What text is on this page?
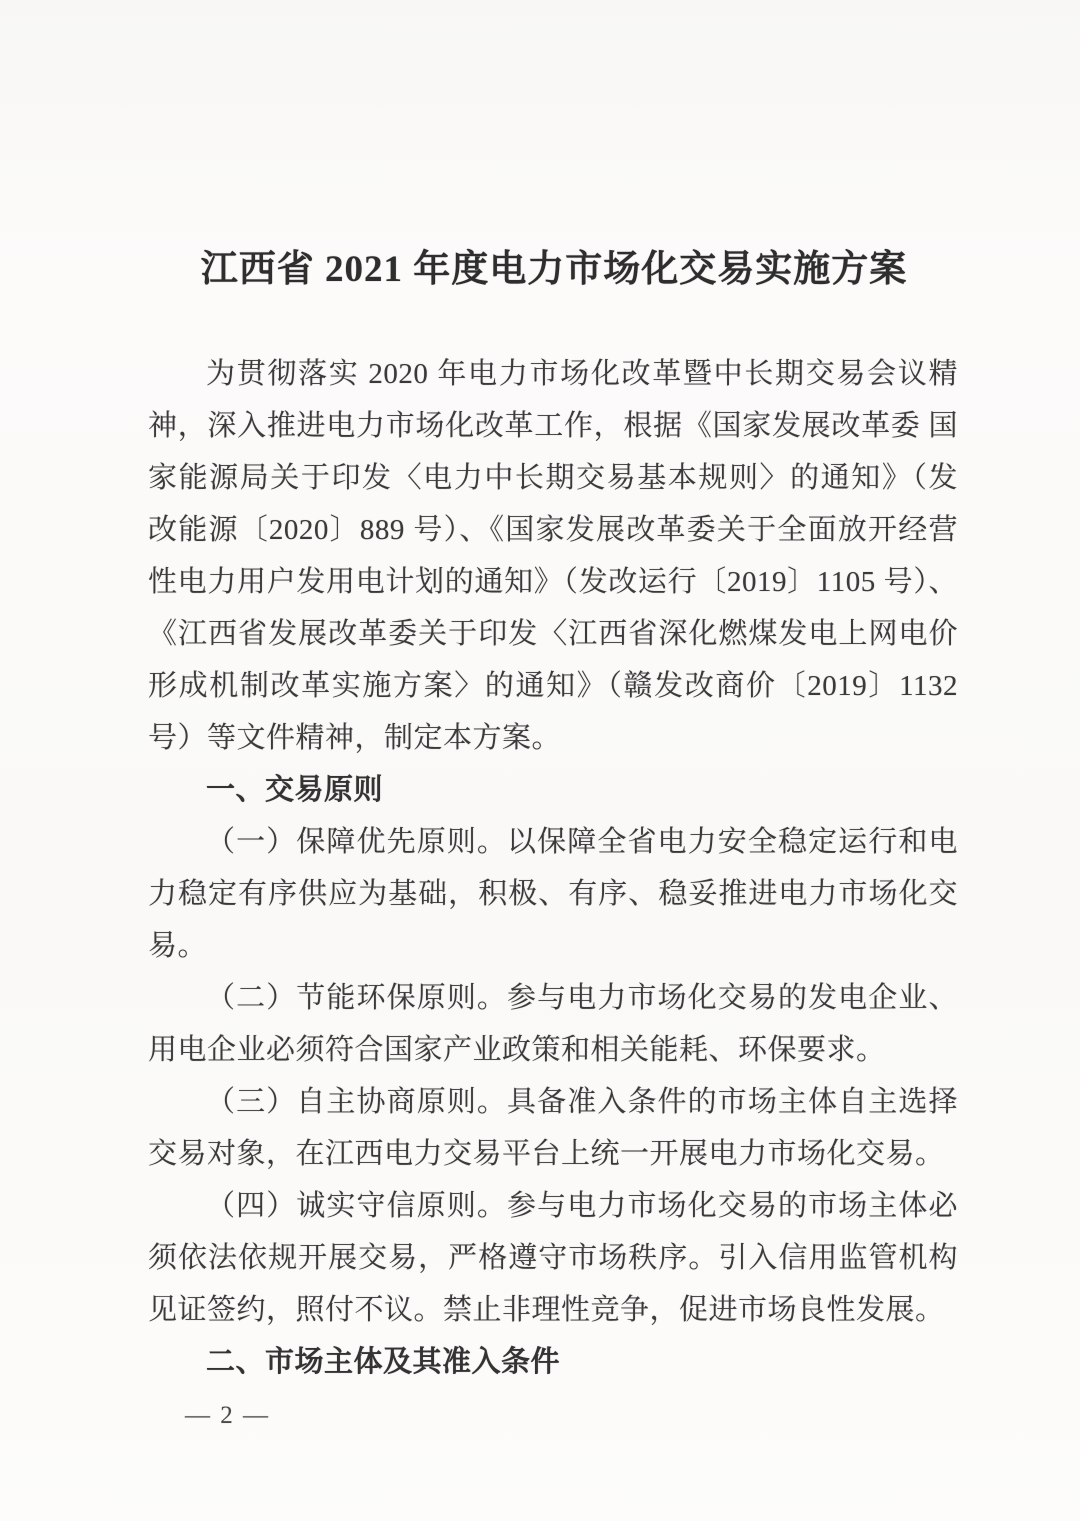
江西省 2021 年度电力市场化交易实施方案

为贯彻落实 2020 年电力市场化改革暨中长期交易会议精神，深入推进电力市场化改革工作，根据《国家发展改革委 国家能源局关于印发〈电力中长期交易基本规则〉的通知》（发改能源〔2020〕889 号）、《国家发展改革委关于全面放开经营性电力用户发用电计划的通知》（发改运行〔2019〕1105 号）、《江西省发展改革委关于印发〈江西省深化燃煤发电上网电价形成机制改革实施方案〉的通知》（赣发改商价〔2019〕1132 号）等文件精神，制定本方案。

一、交易原则

（一）保障优先原则。以保障全省电力安全稳定运行和电力稳定有序供应为基础，积极、有序、稳妥推进电力市场化交易。

（二）节能环保原则。参与电力市场化交易的发电企业、用电企业必须符合国家产业政策和相关能耗、环保要求。

（三）自主协商原则。具备准入条件的市场主体自主选择交易对象，在江西电力交易平台上统一开展电力市场化交易。

（四）诚实守信原则。参与电力市场化交易的市场主体必须依法依规开展交易，严格遵守市场秩序。引入信用监管机构见证签约，照付不议。禁止非理性竞争，促进市场良性发展。

二、市场主体及其准入条件

— 2 —
